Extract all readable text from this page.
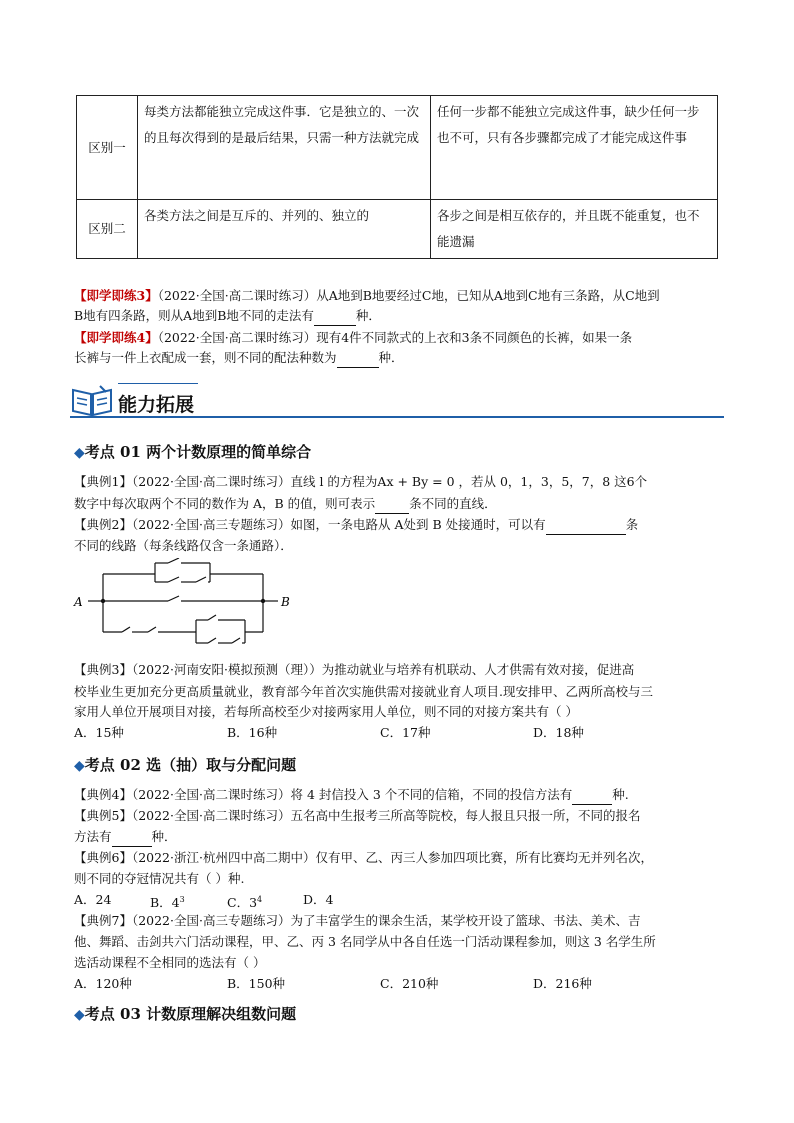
区别一	每类方法都能独立完成这件事．它是独立的、一次的且每次得到的是最后结果，只需一种方法就完成	任何一步都不能独立完成这件事，缺少任何一步也不可，只有各步骤都完成了才能完成这件事
区别二	各类方法之间是互斥的、并列的、独立的	各步之间是相互依存的，并且既不能重复，也不能遗漏
【即学即练3】（2022·全国·高二课时练习）从A地到B地要经过C地，已知从A地到C地有三条路，从C地到
B地有四条路，则从A地到B地不同的走法有	种．
【即学即练4】（2022·全国·高二课时练习）现有4件不同款式的上衣和3条不同颜色的长裤，如果一条
长裤与一件上衣配成一套，则不同的配法种数为	种．
能力拓展
◆考点 01 两个计数原理的简单综合
【典例1】（2022·全国·高二课时练习）直线 l 的方程为Ax + By = 0 ，若从 0，1，3，5，7，8 这6个
数字中每次取两个不同的数作为 A，B 的值，则可表示	条不同的直线．
【典例2】（2022·全国·高三专题练习）如图，一条电路从 A处到 B 处接通时，可以有	条
不同的线路（每条线路仅含一条通路）．
A	B
【典例3】（2022·河南安阳·模拟预测（理））为推动就业与培养有机联动、人才供需有效对接，促进高
校毕业生更加充分更高质量就业，教育部今年首次实施供需对接就业育人项目.现安排甲、乙两所高校与三
家用人单位开展项目对接，若每所高校至少对接两家用人单位，则不同的对接方案共有（ ）
A．15种	B．16种	C．17种	D．18种
◆考点 02 选（抽）取与分配问题
【典例4】（2022·全国·高二课时练习）将 4 封信投入 3 个不同的信箱，不同的投信方法有	种.
【典例5】（2022·全国·高二课时练习）五名高中生报考三所高等院校，每人报且只报一所，不同的报名
方法有	种．
【典例6】（2022·浙江·杭州四中高二期中）仅有甲、乙、丙三人参加四项比赛，所有比赛均无并列名次，
则不同的夺冠情况共有（ ）种.
A．24	B．$4^3$	C．$3^4$	D．4
【典例7】（2022·全国·高三专题练习）为了丰富学生的课余生活，某学校开设了篮球、书法、美术、吉
他、舞蹈、击剑共六门活动课程，甲、乙、丙 3 名同学从中各自任选一门活动课程参加，则这 3 名学生所
选活动课程不全相同的选法有（ ）
A．120种	B．150种	C．210种	D．216种
◆考点 03 计数原理解决组数问题
